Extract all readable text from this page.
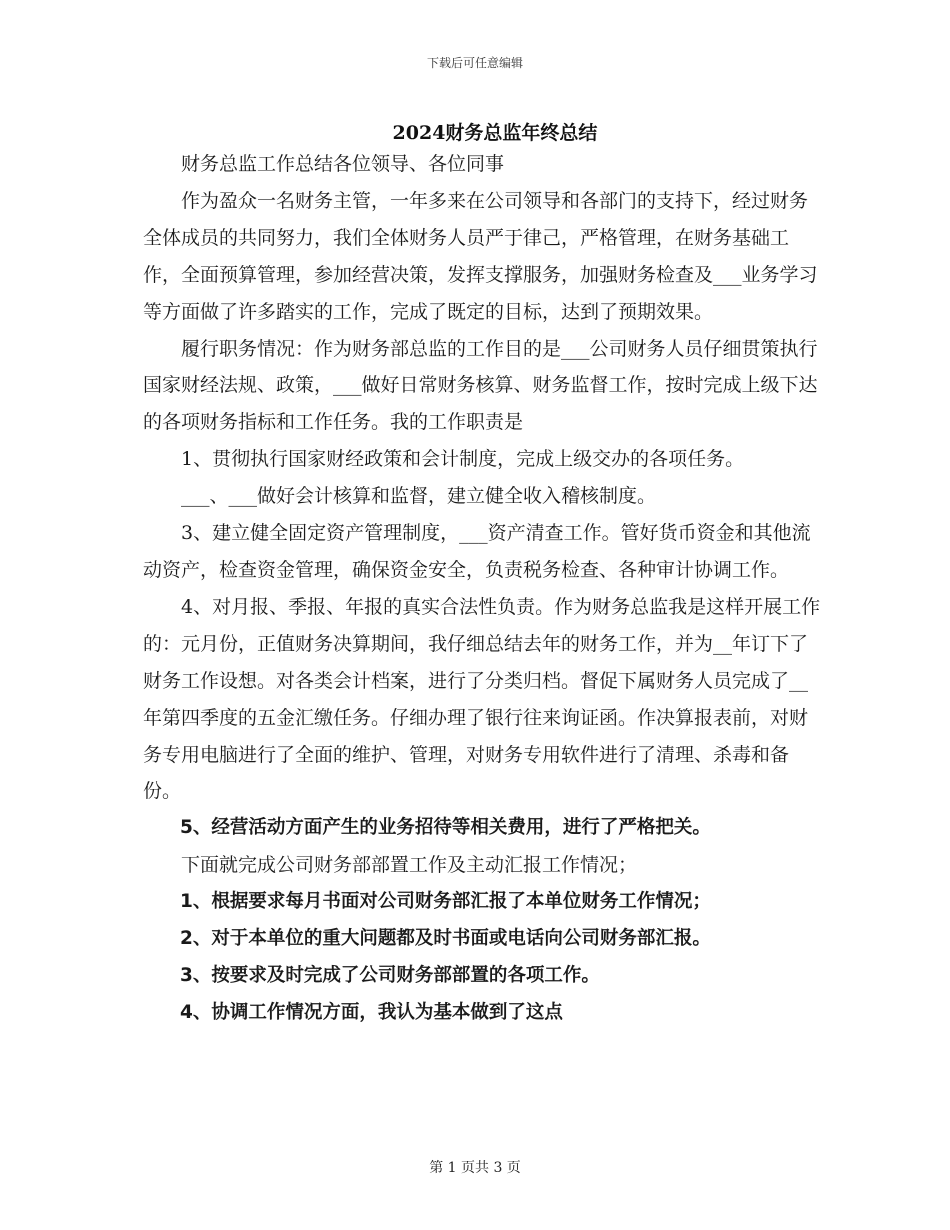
下载后可任意编辑
2024财务总监年终总结

财务总监工作总结各位领导、各位同事

作为盈众一名财务主管，一年多来在公司领导和各部门的支持下，经过财务全体成员的共同努力，我们全体财务人员严于律己，严格管理，在财务基础工作，全面预算管理，参加经营决策，发挥支撑服务，加强财务检查及___业务学习等方面做了许多踏实的工作，完成了既定的目标，达到了预期效果。

履行职务情况：作为财务部总监的工作目的是___公司财务人员仔细贯策执行国家财经法规、政策，___做好日常财务核算、财务监督工作，按时完成上级下达的各项财务指标和工作任务。我的工作职责是

1、贯彻执行国家财经政策和会计制度，完成上级交办的各项任务。

___、___做好会计核算和监督，建立健全收入稽核制度。

3、建立健全固定资产管理制度，___资产清查工作。管好货币资金和其他流动资产，检查资金管理，确保资金安全，负责税务检查、各种审计协调工作。

4、对月报、季报、年报的真实合法性负责。作为财务总监我是这样开展工作的：元月份，正值财务决算期间，我仔细总结去年的财务工作，并为__年订下了财务工作设想。对各类会计档案，进行了分类归档。督促下属财务人员完成了__年第四季度的五金汇缴任务。仔细办理了银行往来询证函。作决算报表前，对财务专用电脑进行了全面的维护、管理，对财务专用软件进行了清理、杀毒和备份。

5、经营活动方面产生的业务招待等相关费用，进行了严格把关。

下面就完成公司财务部部置工作及主动汇报工作情况；

1、根据要求每月书面对公司财务部汇报了本单位财务工作情况；

2、对于本单位的重大问题都及时书面或电话向公司财务部汇报。

3、按要求及时完成了公司财务部部置的各项工作。

4、协调工作情况方面，我认为基本做到了这点

第 1 页共 3 页
